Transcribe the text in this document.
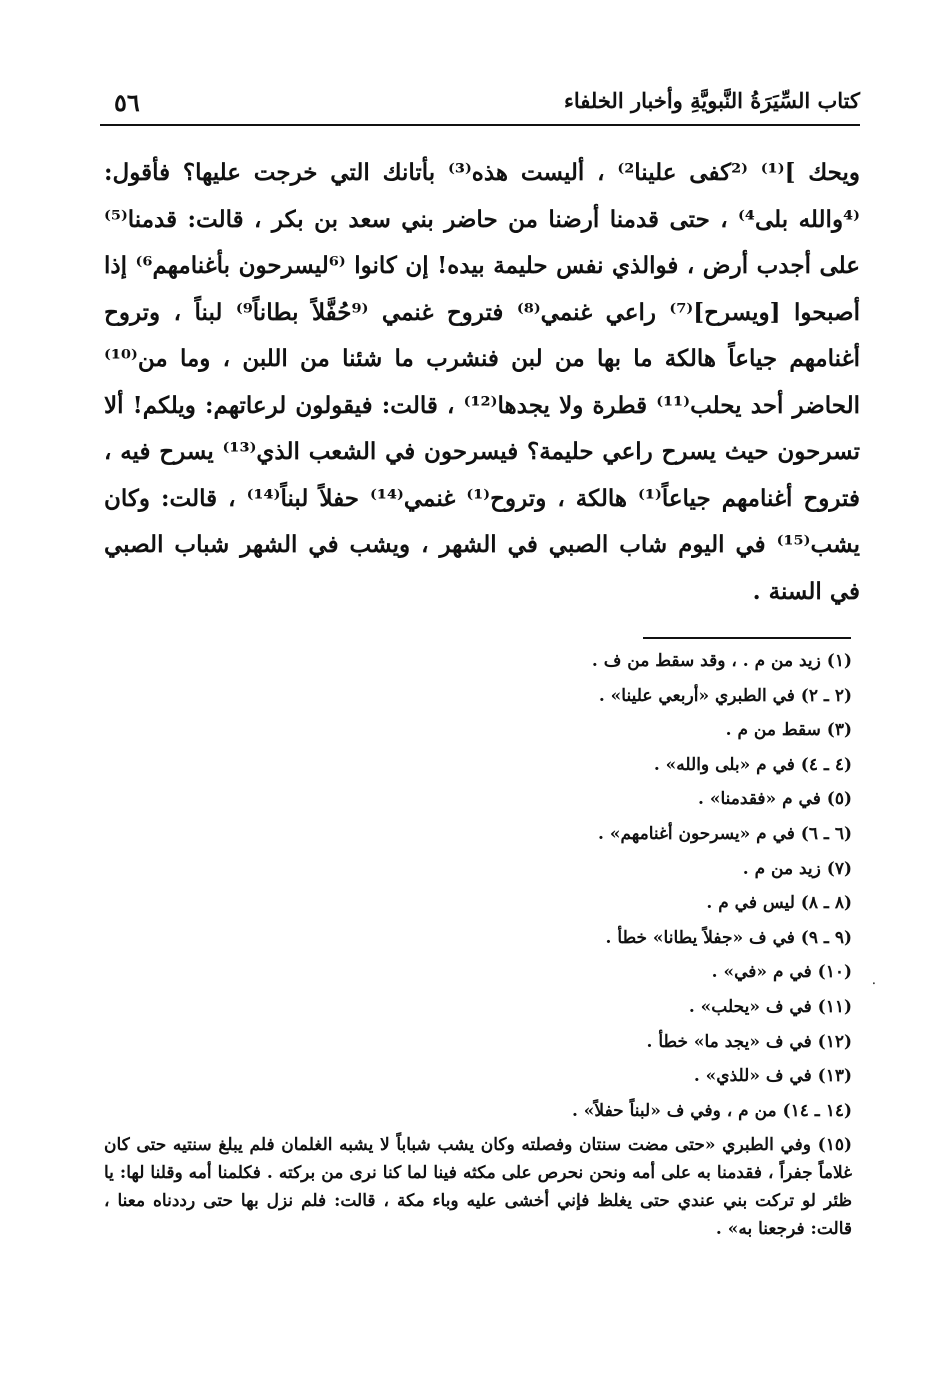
كتاب السِّيَرَةُ النَّبويَّةِ وأخبار الخلفاء
٥٦

ويحك ]⁽¹⁾ ⁽²كفى علينا²⁾ ، أليست هذه⁽³⁾ بأتانك التي خرجت عليها؟ فأقول: ⁽⁴والله بلى⁴⁾ ، حتى قدمنا أرضنا من حاضر بني سعد بن بكر ، قالت: قدمنا⁽⁵⁾ على أجدب أرض ، فوالذي نفس حليمة بيده! إن كانوا ⁽⁶ليسرحون بأغنامهم⁶⁾ إذا أصبحوا [ويسرح]⁽⁷⁾ راعي غنمي⁽⁸⁾ فتروح غنمي ⁽⁹حُفَّلاً بطاناً⁹⁾ لبناً ، وتروح أغنامهم جياعاً هالكة ما بها من لبن فنشرب ما شئنا من اللبن ، وما من⁽¹⁰⁾ الحاضر أحد يحلب⁽¹¹⁾ قطرة ولا يجدها⁽¹²⁾ ، قالت: فيقولون لرعاتهم: ويلكم! ألا تسرحون حيث يسرح راعي حليمة؟ فيسرحون في الشعب الذي⁽¹³⁾ يسرح فيه ، فتروح أغنامهم جياعاً⁽¹⁾ هالكة ، وتروح⁽¹⁾ غنمي⁽¹⁴⁾ حفلاً لبناً⁽¹⁴⁾ ، قالت: وكان يشب⁽¹⁵⁾ في اليوم شاب الصبي في الشهر ، ويشب في الشهر شباب الصبي في السنة .

(١) زيد من م . ، وقد سقط من ف .

(٢ ـ ٢) في الطبري «أربعي علينا» .

(٣) سقط من م .

(٤ ـ ٤) في م «بلى والله» .

(٥) في م «فقدمنا» .

(٦ ـ ٦) في م «يسرحون أغنامهم» .

(٧) زيد من م .

(٨ ـ ٨) ليس في م .

(٩ ـ ٩) في ف «جفلاً يطانا» خطأ .

(١٠) في م «في» .

(١١) في ف «يحلب» .

(١٢) في ف «يجد ما» خطأ .

(١٣) في ف «للذي» .

(١٤ ـ ١٤) من م ، وفي ف «لبناً حفلاً» .

(١٥) وفي الطبري «حتى مضت سنتان وفصلته وكان يشب شباباً لا يشبه الغلمان فلم يبلغ سنتيه حتى كان غلاماً جفراً ، فقدمنا به على أمه ونحن نحرص على مكثه فينا لما كنا نرى من بركته . فكلمنا أمه وقلنا لها: يا ظئر لو تركت بني عندي حتى يغلظ فإني أخشى عليه وباء مكة ، قالت: فلم نزل بها حتى رددناه معنا ، قالت: فرجعنا به» .

⸱
